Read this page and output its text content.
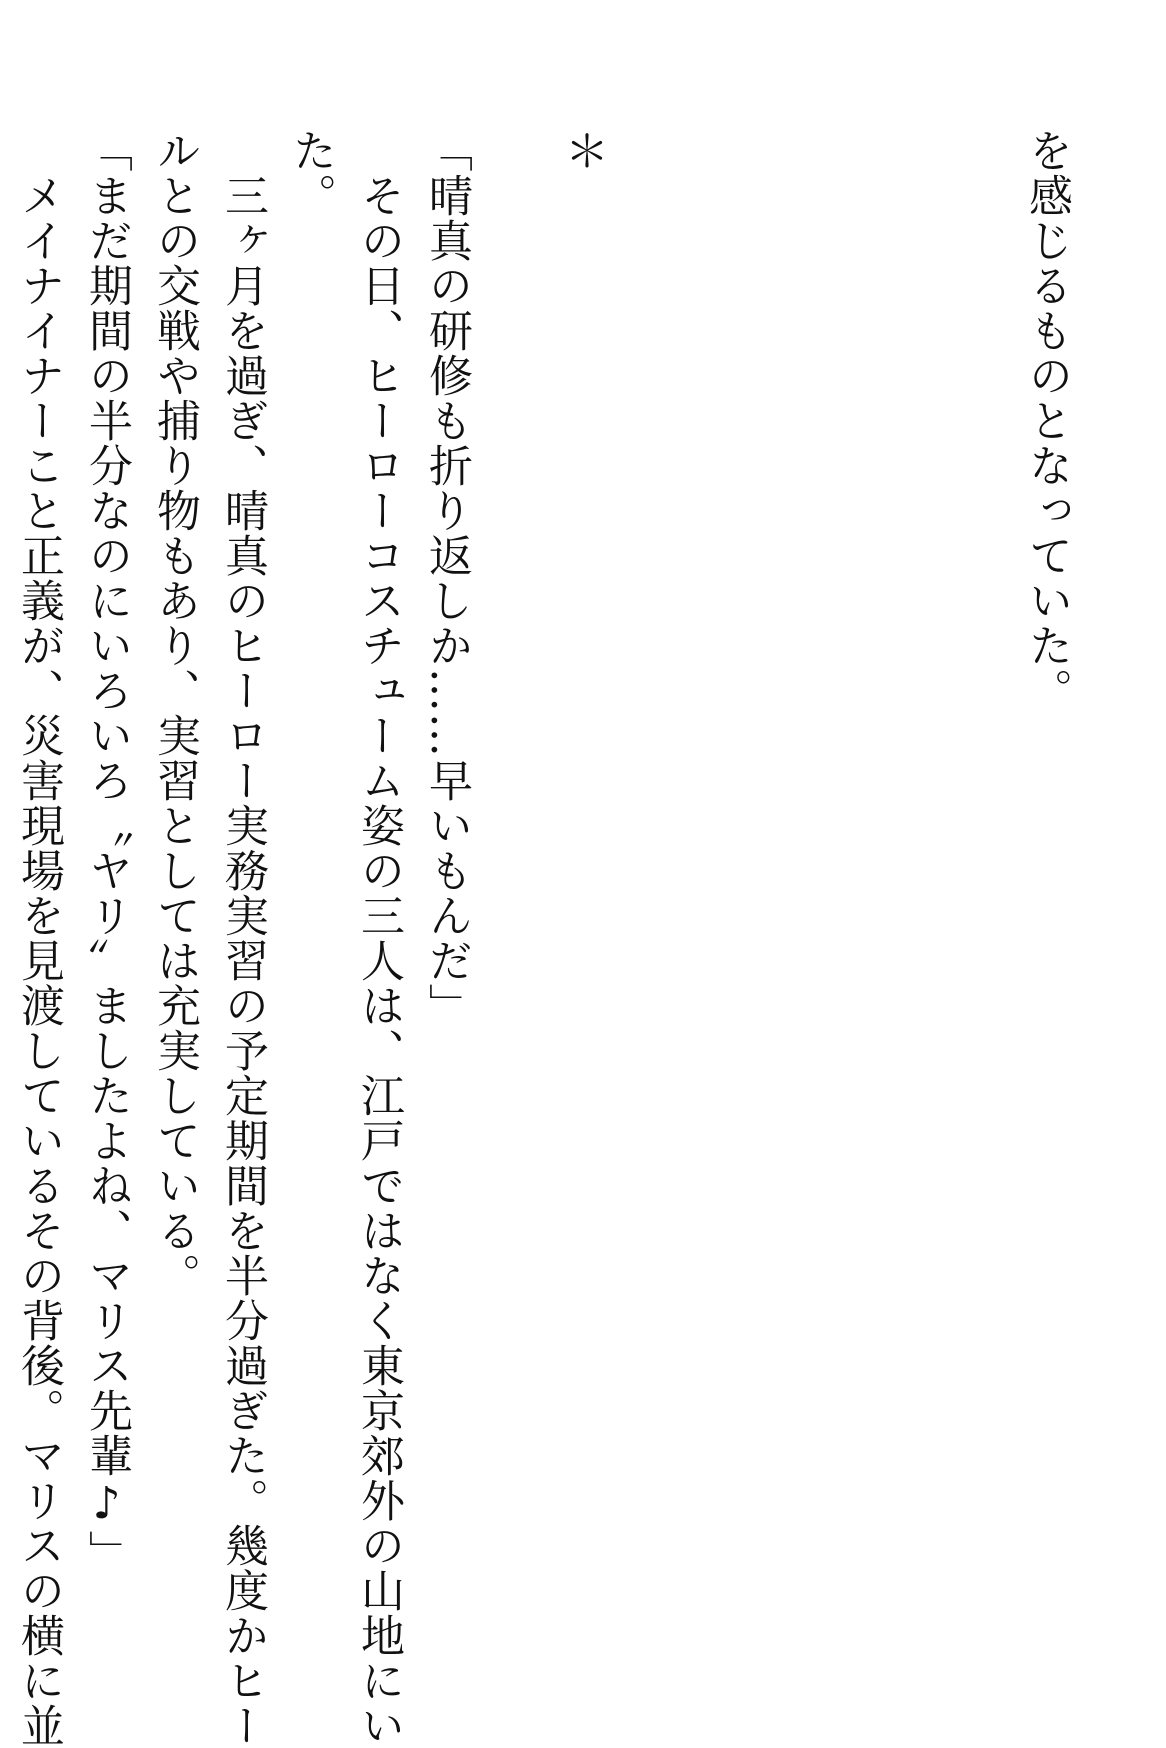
を感じるものとなっていた。

＊

「晴真の研修も折り返しか……早いもんだ」

　その日、ヒーローコスチューム姿の三人は、江戸ではなく東京郊外の山地にい

た。

　三ヶ月を過ぎ、晴真のヒーロー実務実習の予定期間を半分過ぎた。幾度かヒー

ルとの交戦や捕り物もあり、実習としては充実している。

「まだ期間の半分なのにいろいろ〝ヤリ〟ましたよね、マリス先輩♪」

　メイナイナーこと正義が、災害現場を見渡しているその背後。マリスの横に並
